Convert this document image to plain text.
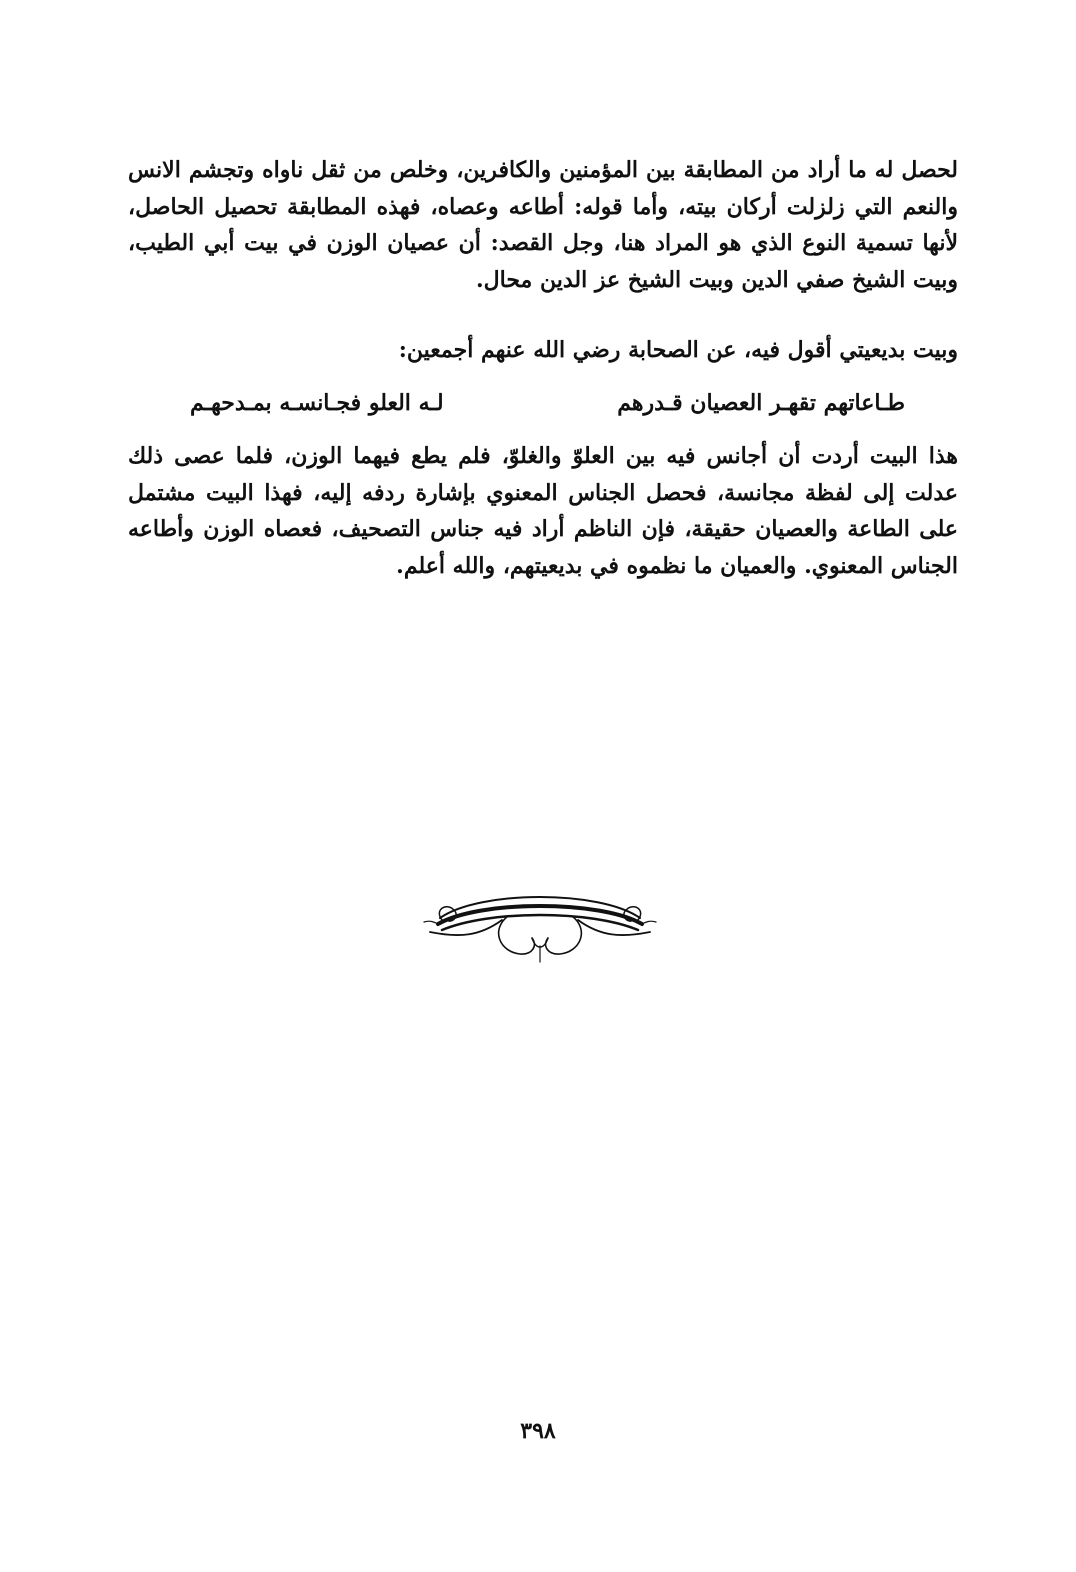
لحصل له ما أراد من المطابقة بين المؤمنين والكافرين، وخلص من ثقل ناواه وتجشم الانس والنعم التي زلزلت أركان بيته، وأما قوله: أطاعه وعصاه، فهذه المطابقة تحصيل الحاصل، لأنها تسمية النوع الذي هو المراد هنا، وجل القصد: أن عصيان الوزن في بيت أبي الطيب، وبيت الشيخ صفي الدين وبيت الشيخ عز الدين محال.
وبيت بديعيتي أقول فيه، عن الصحابة رضي الله عنهم أجمعين:
طـاعاتهم تقهـر العصيان قـدرهم
لـه العلو فجـانسـه بمـدحهـم
هذا البيت أردت أن أجانس فيه بين العلوّ والغلوّ، فلم يطع فيهما الوزن، فلما عصى ذلك عدلت إلى لفظة مجانسة، فحصل الجناس المعنوي بإشارة ردفه إليه، فهذا البيت مشتمل على الطاعة والعصيان حقيقة، فإن الناظم أراد فيه جناس التصحيف، فعصاه الوزن وأطاعه الجناس المعنوي. والعميان ما نظموه في بديعيتهم، والله أعلم.
٣٩٨
